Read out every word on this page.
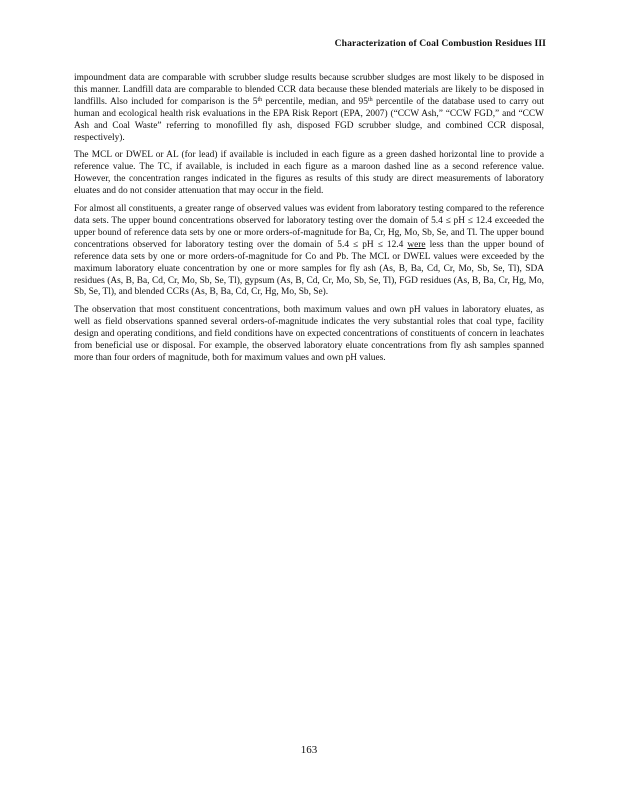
Characterization of Coal Combustion Residues III

impoundment data are comparable with scrubber sludge results because scrubber sludges are most likely to be disposed in this manner. Landfill data are comparable to blended CCR data because these blended materials are likely to be disposed in landfills. Also included for comparison is the 5th percentile, median, and 95th percentile of the database used to carry out human and ecological health risk evaluations in the EPA Risk Report (EPA, 2007) (“CCW Ash,” “CCW FGD,” and “CCW Ash and Coal Waste” referring to monofilled fly ash, disposed FGD scrubber sludge, and combined CCR disposal, respectively).

The MCL or DWEL or AL (for lead) if available is included in each figure as a green dashed horizontal line to provide a reference value. The TC, if available, is included in each figure as a maroon dashed line as a second reference value. However, the concentration ranges indicated in the figures as results of this study are direct measurements of laboratory eluates and do not consider attenuation that may occur in the field.

For almost all constituents, a greater range of observed values was evident from laboratory testing compared to the reference data sets. The upper bound concentrations observed for laboratory testing over the domain of 5.4 ≤ pH ≤ 12.4 exceeded the upper bound of reference data sets by one or more orders-of-magnitude for Ba, Cr, Hg, Mo, Sb, Se, and Tl. The upper bound concentrations observed for laboratory testing over the domain of 5.4 ≤ pH ≤ 12.4 were less than the upper bound of reference data sets by one or more orders-of-magnitude for Co and Pb. The MCL or DWEL values were exceeded by the maximum laboratory eluate concentration by one or more samples for fly ash (As, B, Ba, Cd, Cr, Mo, Sb, Se, Tl), SDA residues (As, B, Ba, Cd, Cr, Mo, Sb, Se, Tl), gypsum (As, B, Cd, Cr, Mo, Sb, Se, Tl), FGD residues (As, B, Ba, Cr, Hg, Mo, Sb, Se, Tl), and blended CCRs (As, B, Ba, Cd, Cr, Hg, Mo, Sb, Se).

The observation that most constituent concentrations, both maximum values and own pH values in laboratory eluates, as well as field observations spanned several orders-of-magnitude indicates the very substantial roles that coal type, facility design and operating conditions, and field conditions have on expected concentrations of constituents of concern in leachates from beneficial use or disposal. For example, the observed laboratory eluate concentrations from fly ash samples spanned more than four orders of magnitude, both for maximum values and own pH values.

163
